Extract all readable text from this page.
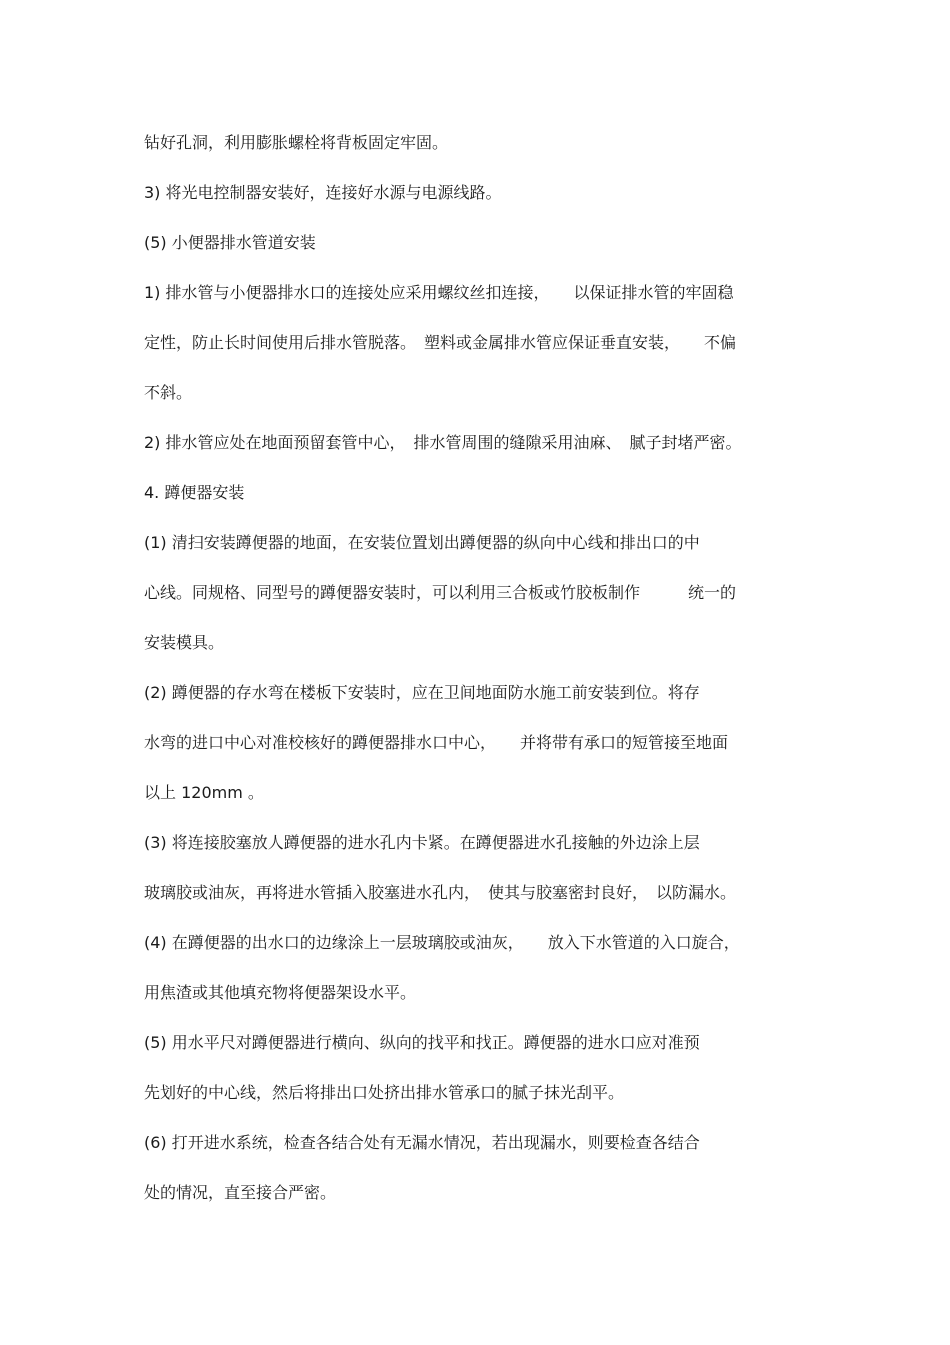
钻好孔洞，利用膨胀螺栓将背板固定牢固。

3) 将光电控制器安装好，连接好水源与电源线路。

(5) 小便器排水管道安装

1) 排水管与小便器排水口的连接处应采用螺纹丝扣连接，　　以保证排水管的牢固稳

定性，防止长时间使用后排水管脱落。　塑料或金属排水管应保证垂直安装，　　不偏

不斜。

2) 排水管应处在地面预留套管中心，　排水管周围的缝隙采用油麻、　腻子封堵严密。

4. 蹲便器安装

(1) 清扫安装蹲便器的地面，在安装位置划出蹲便器的纵向中心线和排出口的中

心线。同规格、同型号的蹲便器安装时，可以利用三合板或竹胶板制作　　　统一的

安装模具。

(2) 蹲便器的存水弯在楼板下安装时，应在卫间地面防水施工前安装到位。将存

水弯的进口中心对准校核好的蹲便器排水口中心，　　并将带有承口的短管接至地面

以上 120mm 。

(3) 将连接胶塞放人蹲便器的进水孔内卡紧。在蹲便器进水孔接触的外边涂上层

玻璃胶或油灰，再将进水管插入胶塞进水孔内，　使其与胶塞密封良好，　以防漏水。

(4) 在蹲便器的出水口的边缘涂上一层玻璃胶或油灰，　　放入下水管道的入口旋合，

用焦渣或其他填充物将便器架设水平。

(5) 用水平尺对蹲便器进行横向、纵向的找平和找正。蹲便器的进水口应对准预

先划好的中心线，然后将排出口处挤出排水管承口的腻子抹光刮平。

(6) 打开进水系统，检查各结合处有无漏水情况，若出现漏水，则要检查各结合

处的情况，直至接合严密。
